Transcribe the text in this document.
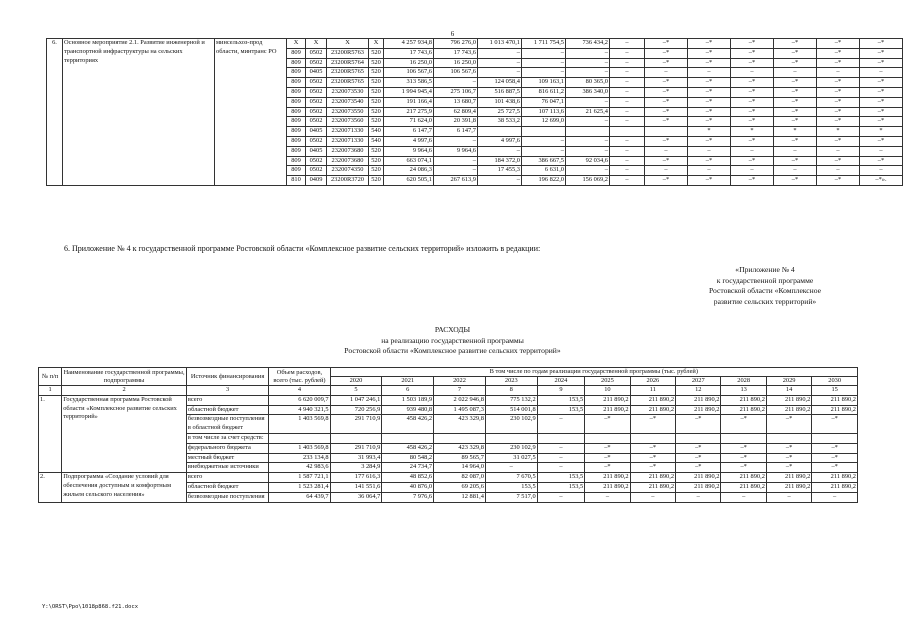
6
6.	Основное мероприятие 2.1. Развитие инженерной и транспортной инфраструктуры на сельских территориях	минсельхоз-прод области, минтранс РО	Х	Х	Х	Х	4 257 934,8	796 276,0	1 013 470,1	1 711 754,5	736 434,2	–	–*	–*	–*	–*	–*	–*
			809	0502	23200R5763	520	17 743,6	17 743,6	–	–	–	–	–*	–*	–*	–*	–*	–*
			809	0502	23200R5764	520	16 250,0	16 250,0	–	–	–	–	–*	–*	–*	–*	–*	–*
			809	0405	23200R5765	520	106 567,6	106 567,6	–	–	–	–	–	–	–	–	–	–
			809	0502	23200R5765	520	313 586,5	–	124 058,4	109 163,1	80 365,0	–	–*	–*	–*	–*	–*	–*
			809	0502	2320073530	520	1 994 945,4	275 106,7	516 887,5	816 611,2	386 340,0	–	–*	–*	–*	–*	–*	–*
			809	0502	2320073540	520	191 166,4	13 680,7	101 438,6	76 047,1	–	–	–*	–*	–*	–*	–*	–*
			809	0502	2320073550	520	217 275,9	62 809,4	25 727,5	107 113,6	21 625,4	–	–*	–*	–*	–*	–*	–*
			809	0502	2320073560	520	71 624,0	20 391,8	38 533,2	12 699,0	–	–	–*	–*	–*	–*	–*	–*
			809	0405	2320071330	540	6 147,7	6 147,7						*	*	*	*	*
			809	0502	2320071330	540	4 997,6	–	4 997,6	–	–	–	–*	–*	–*	–*	–*	–*
			809	0405	2320073680	520	9 964,6	9 964,6	–	–	–	–	–	–	–	–	–	–
			809	0502	2320073680	520	663 074,1	–	184 372,0	386 667,5	92 034,6	–	–*	–*	–*	–*	–*	–*
			809	0502	2320074350	520	24 086,3	–	17 455,3	6 631,0	–	–	–	–	–	–	–	–
			810	0409	23200R3720	520	620 505,1	267 613,9	–	196 822,0	156 069,2	–	–*	–*	–*	–*	–*	–*».
6. Приложение № 4 к государственной программе Ростовской области «Комплексное развитие сельских территорий» изложить в редакции:
«Приложение № 4
к государственной программе
Ростовской области «Комплексное
развитие сельских территорий»
РАСХОДЫ
на реализацию государственной программы
Ростовской области «Комплексное развитие сельских территорий»
№ п/п	Наименование государственной программы, подпрограммы	Источник финансирования	Объем расходов, всего (тыс. рублей)	В том числе по годам реализации государственной программы (тыс. рублей)										
				2020	2021	2022	2023	2024	2025	2026	2027	2028	2029	2030
1	2	3	4	5	6	7	8	9	10	11	12	13	14	15
1.	Государственная программа Ростовской области «Комплексное развитие сельских территорий»	всего	6 620 009,7	1 047 246,1	1 503 189,9	2 022 946,8	775 132,2	153,5	211 890,2	211 890,2	211 890,2	211 890,2	211 890,2	211 890,2
		областной бюджет	4 940 321,5	720 256,9	939 480,8	1 495 087,3	514 001,8	153,5	211 890,2	211 890,2	211 890,2	211 890,2	211 890,2	211 890,2
		безвозмездные поступления в областной бюджет	1 403 569,8	291 710,9	458 426,2	423 329,8	230 102,9	–	–*	–*	–*	–*	–*	–*
		в том числе за счет средств:												
		федерального бюджета	1 403 569,8	291 710,9	458 426,2	423 329,8	230 102,9	–	–*	–*	–*	–*	–*	–*
		местный бюджет	233 134,8	31 993,4	80 548,2	89 565,7	31 027,5	–	–*	–*	–*	–*	–*	–*
		внебюджетные источники	42 983,6	3 284,9	24 734,7	14 964,0	–	–	–*	–*	–*	–*	–*	–*
2.	Подпрограмма «Создание условий для обеспечения доступным и комфортным жильем сельского населения»	всего	1 587 721,1	177 616,3	48 852,6	82 087,0	7 670,5	153,5	211 890,2	211 890,2	211 890,2	211 890,2	211 890,2	211 890,2
		областной бюджет	1 523 281,4	141 551,6	40 876,0	69 205,6	153,5	153,5	211 890,2	211 890,2	211 890,2	211 890,2	211 890,2	211 890,2
		безвозмездные поступления	64 439,7	36 064,7	7 976,6	12 881,4	7 517,0	–	–	–	–	–	–	–
Y:\ORST\Ppo\1018p868.f21.docx
